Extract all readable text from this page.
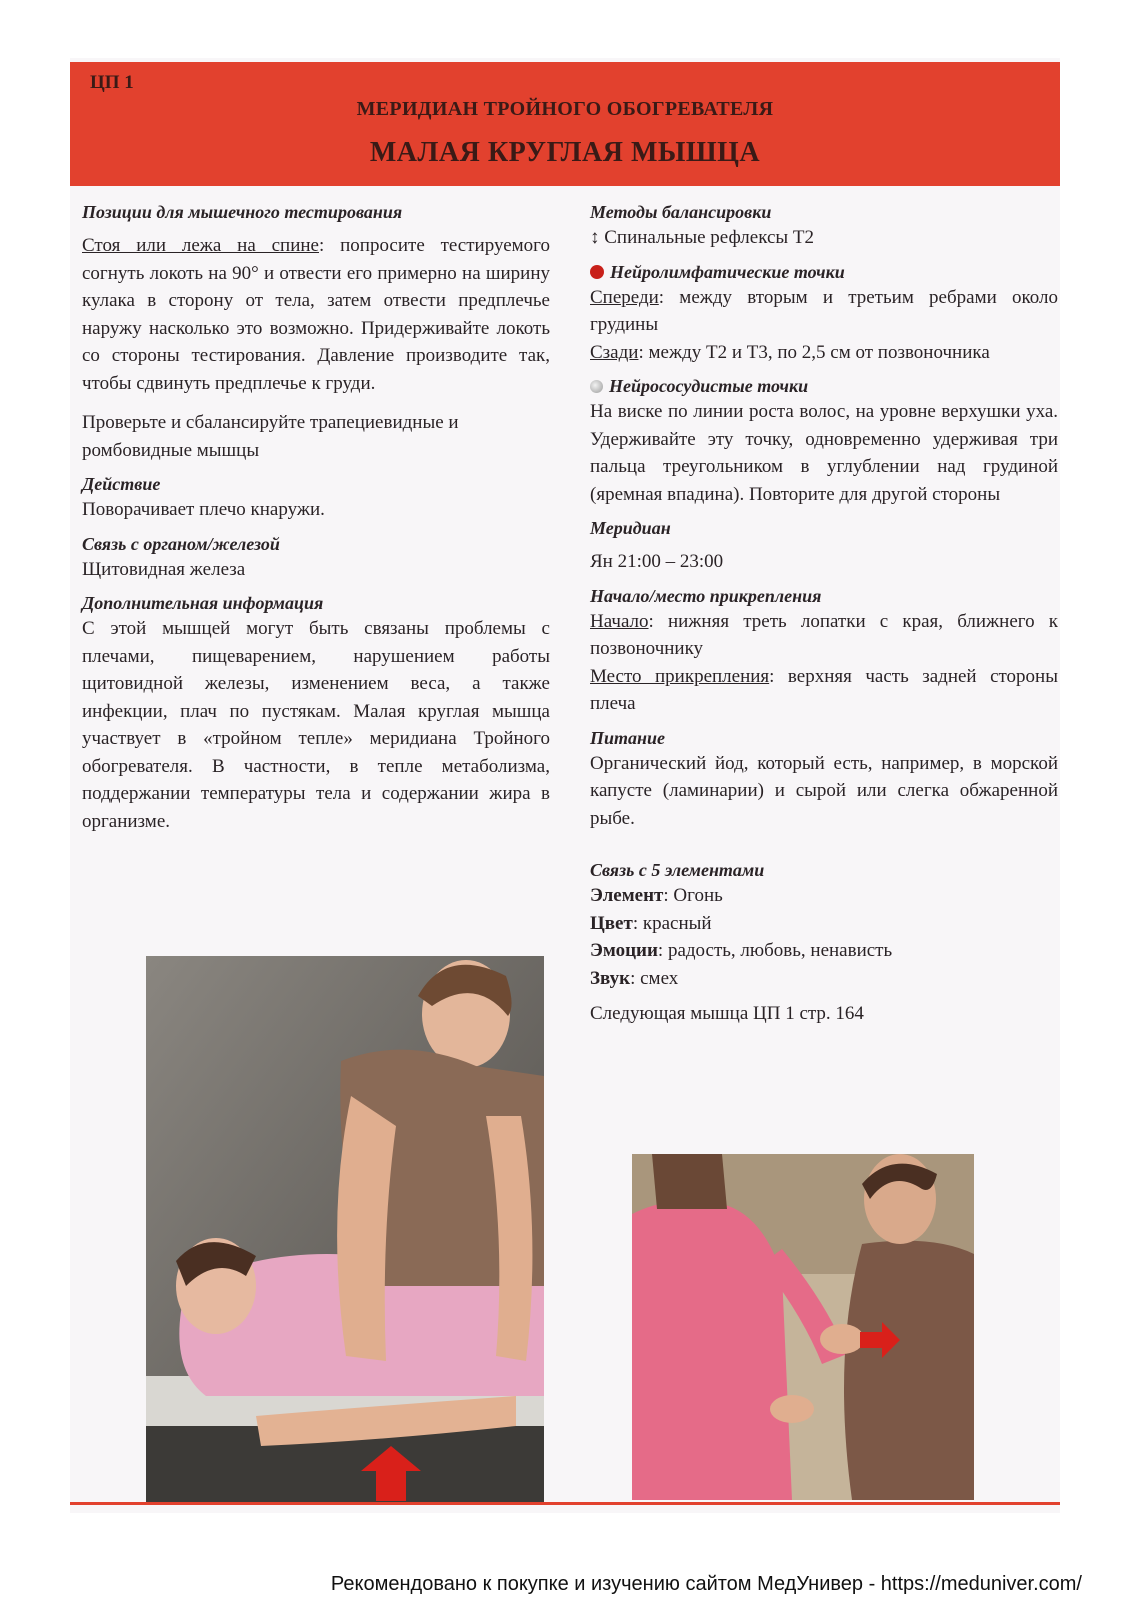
ЦП 1
МЕРИДИАН ТРОЙНОГО ОБОГРЕВАТЕЛЯ
МАЛАЯ КРУГЛАЯ МЫШЦА
Позиции для мышечного тестирования

Стоя или лежа на спине: попросите тестируемого согнуть локоть на 90° и отвести его примерно на ширину кулака в сторону от тела, затем отвести предплечье наружу насколько это возможно. Придерживайте локоть со стороны тестирования. Давление производите так, чтобы сдвинуть предплечье к груди.

Проверьте и сбалансируйте трапециевидные и ромбовидные мышцы

Действие

Поворачивает плечо кнаружи.

Связь с органом/железой

Щитовидная железа

Дополнительная информация

С этой мышцей могут быть связаны проблемы с плечами, пищеварением, нарушением работы щитовидной железы, изменением веса, а также инфекции, плач по пустякам. Малая круглая мышца участвует в «тройном тепле» меридиана Тройного обогревателя. В частности, в тепле метаболизма, поддержании температуры тела и содержании жира в организме.

Методы балансировки

↕ Спинальные рефлексы Т2

Нейролимфатические точки

Спереди: между вторым и третьим ребрами около грудины

Сзади: между Т2 и Т3, по 2,5 см от позвоночника

Нейрососудистые точки

На виске по линии роста волос, на уровне верхушки уха. Удерживайте эту точку, одновременно удерживая три пальца треугольником в углублении над грудиной (яремная впадина). Повторите для другой стороны

Меридиан

Ян 21:00 – 23:00

Начало/место прикрепления

Начало: нижняя треть лопатки с края, ближнего к позвоночнику

Место прикрепления: верхняя часть задней стороны плеча

Питание

Органический йод, который есть, например, в морской капусте (ламинарии) и сырой или слегка обжаренной рыбе.

Связь с 5 элементами

Элемент: Огонь

Цвет: красный

Эмоции: радость, любовь, ненависть

Звук: смех

Следующая мышца ЦП 1 стр. 164

Рекомендовано к покупке и изучению сайтом МедУнивер - https://meduniver.com/
